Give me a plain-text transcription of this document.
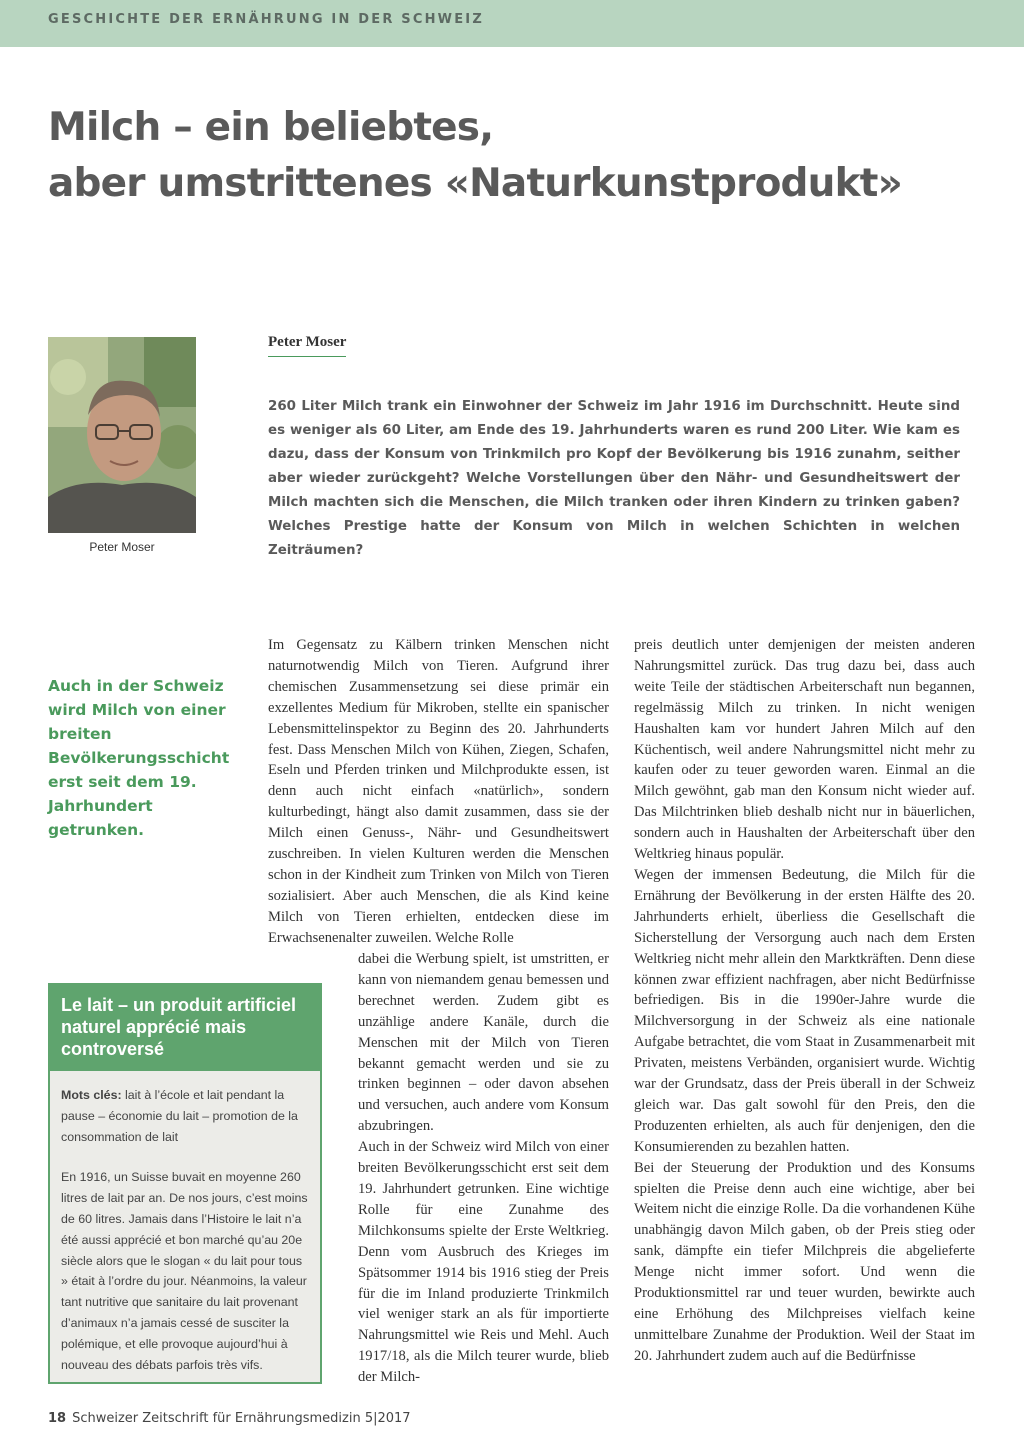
GESCHICHTE DER ERNÄHRUNG IN DER SCHWEIZ
Milch – ein beliebtes,
aber umstrittenes «Naturkunstprodukt»
Peter Moser
Peter Moser

260 Liter Milch trank ein Einwohner der Schweiz im Jahr 1916 im Durchschnitt. Heute sind es weniger als 60 Liter, am Ende des 19. Jahrhunderts waren es rund 200 Liter. Wie kam es dazu, dass der Konsum von Trinkmilch pro Kopf der Bevölkerung bis 1916 zunahm, seither aber wieder zurückgeht? Welche Vorstellungen über den Nähr- und Gesundheitswert der Milch machten sich die Menschen, die Milch tranken oder ihren Kindern zu trinken gaben? Welches Prestige hatte der Konsum von Milch in welchen Schichten in welchen Zeiträumen?

Auch in der Schweiz wird Milch von einer breiten Bevölkerungsschicht erst seit dem 19. Jahrhundert getrunken.

Im Gegensatz zu Kälbern trinken Menschen nicht naturnotwendig Milch von Tieren. Aufgrund ihrer chemischen Zusammensetzung sei diese primär ein exzellentes Medium für Mikroben, stellte ein spanischer Lebensmittelinspektor zu Beginn des 20. Jahrhunderts fest. Dass Menschen Milch von Kühen, Ziegen, Schafen, Eseln und Pferden trinken und Milchprodukte essen, ist denn auch nicht einfach «natürlich», sondern kulturbedingt, hängt also damit zusammen, dass sie der Milch einen Genuss-, Nähr- und Gesundheitswert zuschreiben. In vielen Kulturen werden die Menschen schon in der Kindheit zum Trinken von Milch von Tieren sozialisiert. Aber auch Menschen, die als Kind keine Milch von Tieren erhielten, entdecken diese im Erwachsenenalter zuweilen. Welche Rolle

dabei die Werbung spielt, ist umstritten, er kann von niemandem genau bemessen und berechnet werden. Zudem gibt es unzählige andere Kanäle, durch die Menschen mit der Milch von Tieren bekannt gemacht werden und sie zu trinken beginnen – oder davon absehen und versuchen, auch andere vom Konsum abzubringen.

Auch in der Schweiz wird Milch von einer breiten Bevölkerungsschicht erst seit dem 19. Jahrhundert getrunken. Eine wichtige Rolle für eine Zunahme des Milchkonsums spielte der Erste Weltkrieg. Denn vom Ausbruch des Krieges im Spätsommer 1914 bis 1916 stieg der Preis für die im Inland produzierte Trinkmilch viel weniger stark an als für importierte Nahrungsmittel wie Reis und Mehl. Auch 1917/18, als die Milch teurer wurde, blieb der Milch-

preis deutlich unter demjenigen der meisten anderen Nahrungsmittel zurück. Das trug dazu bei, dass auch weite Teile der städtischen Arbeiterschaft nun begannen, regelmässig Milch zu trinken. In nicht wenigen Haushalten kam vor hundert Jahren Milch auf den Küchentisch, weil andere Nahrungsmittel nicht mehr zu kaufen oder zu teuer geworden waren. Einmal an die Milch gewöhnt, gab man den Konsum nicht wieder auf. Das Milchtrinken blieb deshalb nicht nur in bäuerlichen, sondern auch in Haushalten der Arbeiterschaft über den Weltkrieg hinaus populär.

Wegen der immensen Bedeutung, die Milch für die Ernährung der Bevölkerung in der ersten Hälfte des 20. Jahrhunderts erhielt, überliess die Gesellschaft die Sicherstellung der Versorgung auch nach dem Ersten Weltkrieg nicht mehr allein den Marktkräften. Denn diese können zwar effizient nachfragen, aber nicht Bedürfnisse befriedigen. Bis in die 1990er-Jahre wurde die Milchversorgung in der Schweiz als eine nationale Aufgabe betrachtet, die vom Staat in Zusammenarbeit mit Privaten, meistens Verbänden, organisiert wurde. Wichtig war der Grundsatz, dass der Preis überall in der Schweiz gleich war. Das galt sowohl für den Preis, den die Produzenten erhielten, als auch für denjenigen, den die Konsumierenden zu bezahlen hatten.

Bei der Steuerung der Produktion und des Konsums spielten die Preise denn auch eine wichtige, aber bei Weitem nicht die einzige Rolle. Da die vorhandenen Kühe unabhängig davon Milch gaben, ob der Preis stieg oder sank, dämpfte ein tiefer Milchpreis die abgelieferte Menge nicht immer sofort. Und wenn die Produktionsmittel rar und teuer wurden, bewirkte auch eine Erhöhung des Milchpreises vielfach keine unmittelbare Zunahme der Produktion. Weil der Staat im 20. Jahrhundert zudem auch auf die Bedürfnisse

Le lait – un produit artificiel naturel apprécié mais controversé

Mots clés: lait à l’école et lait pendant la pause – économie du lait – promotion de la consommation de lait

En 1916, un Suisse buvait en moyenne 260 litres de lait par an. De nos jours, c’est moins de 60 litres. Jamais dans l’Histoire le lait n’a été aussi apprécié et bon marché qu’au 20e siècle alors que le slogan « du lait pour tous » était à l’ordre du jour. Néanmoins, la valeur tant nutritive que sanitaire du lait provenant d’animaux n’a jamais cessé de susciter la polémique, et elle provoque aujourd’hui à nouveau des débats parfois très vifs.

18 Schweizer Zeitschrift für Ernährungsmedizin 5|2017
